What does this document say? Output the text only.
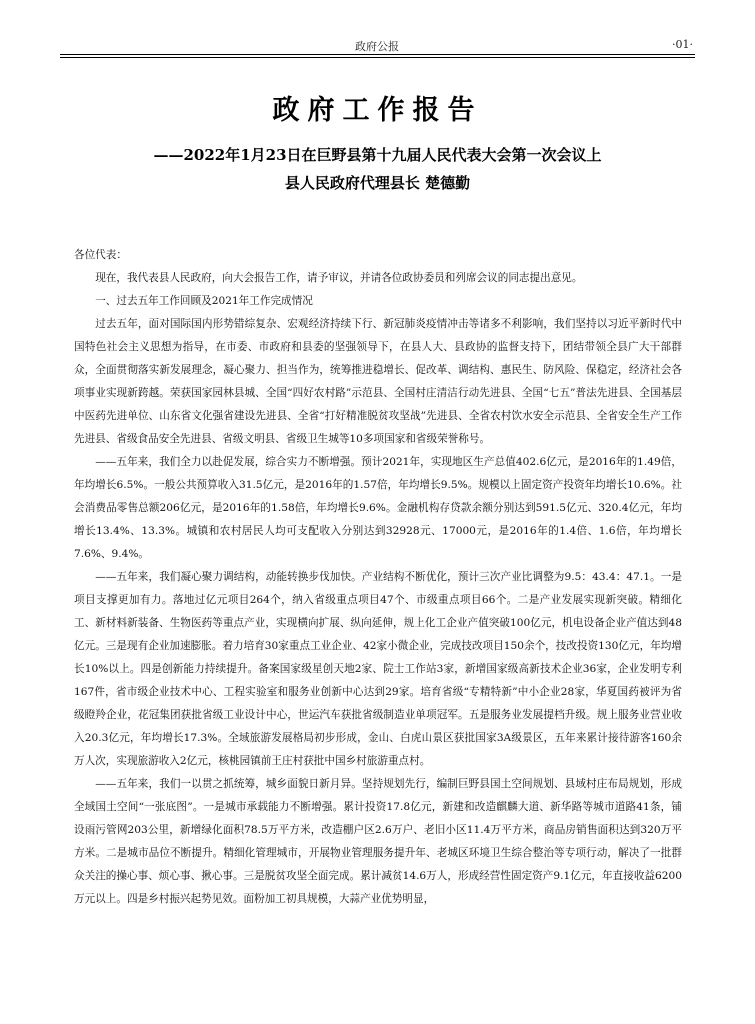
政府公报	·01·
政府工作报告
——2022年1月23日在巨野县第十九届人民代表大会第一次会议上
县人民政府代理县长 楚德勤

各位代表：

现在，我代表县人民政府，向大会报告工作，请予审议，并请各位政协委员和列席会议的同志提出意见。

一、过去五年工作回顾及2021年工作完成情况

过去五年，面对国际国内形势错综复杂、宏观经济持续下行、新冠肺炎疫情冲击等诸多不利影响，我们坚持以习近平新时代中国特色社会主义思想为指导，在市委、市政府和县委的坚强领导下，在县人大、县政协的监督支持下，团结带领全县广大干部群众，全面贯彻落实新发展理念，凝心聚力、担当作为，统筹推进稳增长、促改革、调结构、惠民生、防风险、保稳定，经济社会各项事业实现新跨越。荣获国家园林县城、全国“四好农村路”示范县、全国村庄清洁行动先进县、全国“七五”普法先进县、全国基层中医药先进单位、山东省文化强省建设先进县、全省“打好精准脱贫攻坚战”先进县、全省农村饮水安全示范县、全省安全生产工作先进县、省级食品安全先进县、省级文明县、省级卫生城等10多项国家和省级荣誉称号。

——五年来，我们全力以赴促发展，综合实力不断增强。预计2021年，实现地区生产总值402.6亿元，是2016年的1.49倍，年均增长6.5%。一般公共预算收入31.5亿元，是2016年的1.57倍，年均增长9.5%。规模以上固定资产投资年均增长10.6%。社会消费品零售总额206亿元，是2016年的1.58倍，年均增长9.6%。金融机构存贷款余额分别达到591.5亿元、320.4亿元，年均增长13.4%、13.3%。城镇和农村居民人均可支配收入分别达到32928元、17000元，是2016年的1.4倍、1.6倍，年均增长7.6%、9.4%。

——五年来，我们凝心聚力调结构，动能转换步伐加快。产业结构不断优化，预计三次产业比调整为9.5：43.4：47.1。一是项目支撑更加有力。落地过亿元项目264个，纳入省级重点项目47个、市级重点项目66个。二是产业发展实现新突破。精细化工、新材料新装备、生物医药等重点产业，实现横向扩展、纵向延伸，规上化工企业产值突破100亿元，机电设备企业产值达到48亿元。三是现有企业加速膨胀。着力培育30家重点工业企业、42家小微企业，完成技改项目150余个，技改投资130亿元，年均增长10%以上。四是创新能力持续提升。备案国家级星创天地2家、院士工作站3家，新增国家级高新技术企业36家，企业发明专利167件，省市级企业技术中心、工程实验室和服务业创新中心达到29家。培育省级“专精特新”中小企业28家，华夏国药被评为省级瞪羚企业，花冠集团获批省级工业设计中心，世运汽车获批省级制造业单项冠军。五是服务业发展提档升级。规上服务业营业收入20.3亿元，年均增长17.3%。全域旅游发展格局初步形成，金山、白虎山景区获批国家3A级景区，五年来累计接待游客160余万人次，实现旅游收入2亿元，核桃园镇前王庄村获批中国乡村旅游重点村。

——五年来，我们一以贯之抓统筹，城乡面貌日新月异。坚持规划先行，编制巨野县国土空间规划、县域村庄布局规划，形成全域国土空间“一张底图”。一是城市承载能力不断增强。累计投资17.8亿元，新建和改造麒麟大道、新华路等城市道路41条，铺设雨污管网203公里，新增绿化面积78.5万平方米，改造棚户区2.6万户、老旧小区11.4万平方米，商品房销售面积达到320万平方米。二是城市品位不断提升。精细化管理城市，开展物业管理服务提升年、老城区环境卫生综合整治等专项行动，解决了一批群众关注的操心事、烦心事、揪心事。三是脱贫攻坚全面完成。累计减贫14.6万人，形成经营性固定资产9.1亿元，年直接收益6200万元以上。四是乡村振兴起势见效。面粉加工初具规模，大蒜产业优势明显，
